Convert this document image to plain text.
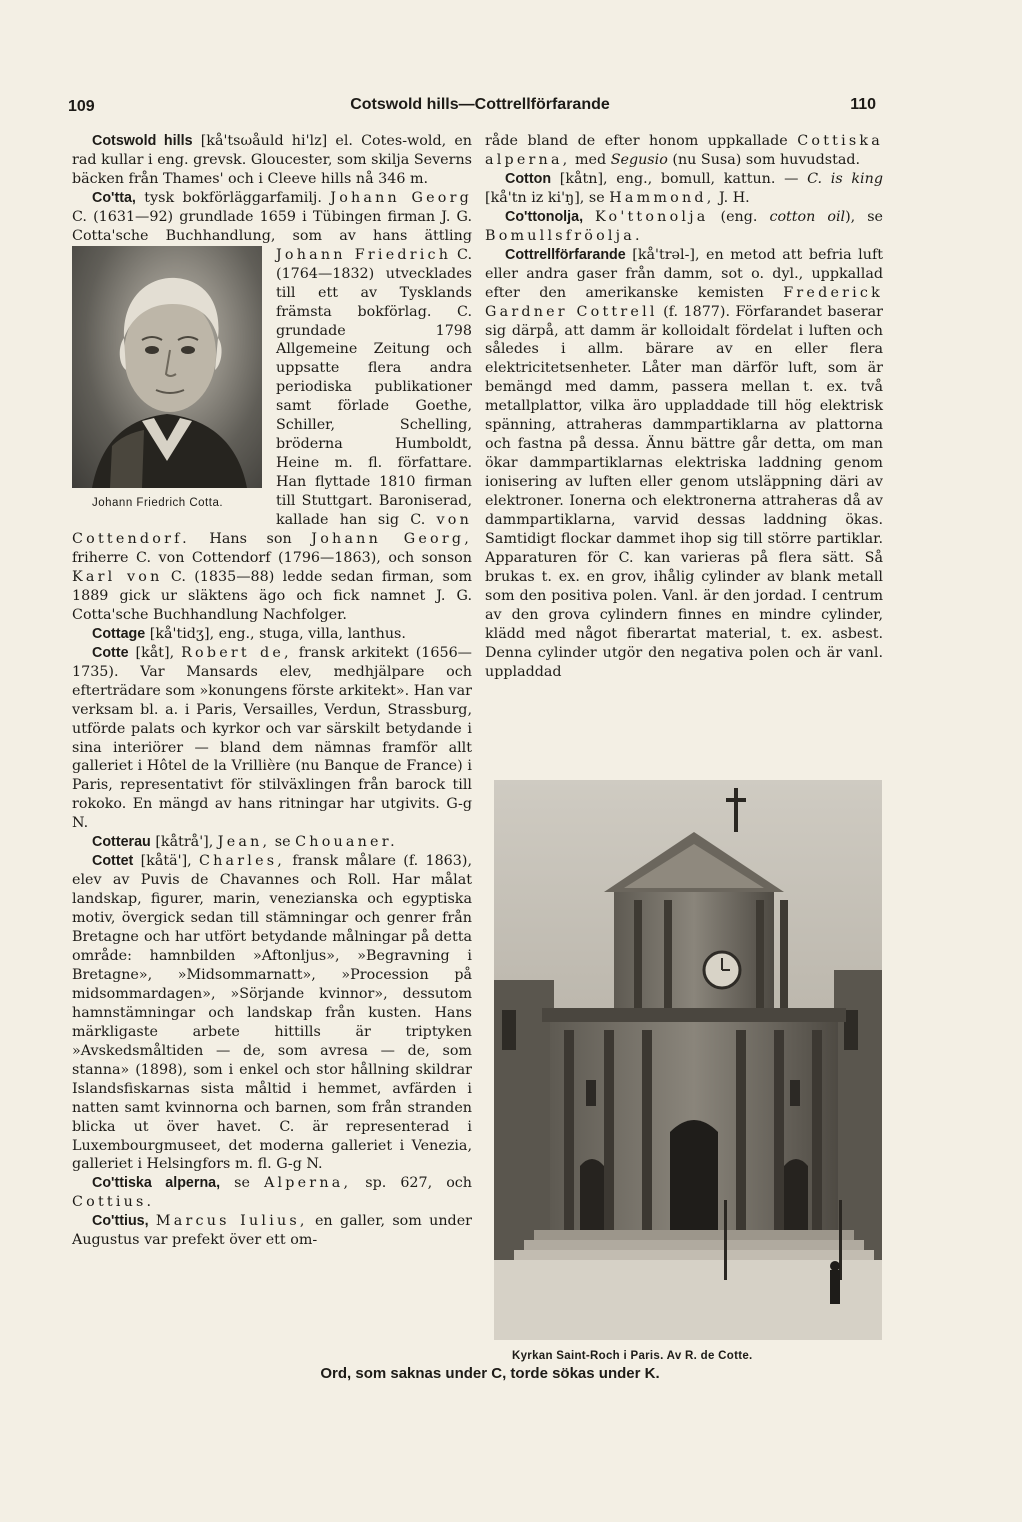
109	Cotswold hills—Cottrellförfarande	110

Cotswold hills [kå'tsωåuld hi'lz] el. Cotes-wold, en rad kullar i eng. grevsk. Gloucester, som skilja Severns bäcken från Thames' och i Cleeve hills nå 346 m.

Co'tta, tysk bokförläggarfamilj. Johann Georg C. (1631—92) grundlade 1659 i Tübingen firman J. G. Cotta'sche Buchhandlung, som av hans ättling Johann Friedrich
Johann Friedrich Cotta.
C. (1764—1832) utvecklades till ett av Tysklands främsta bokförlag. C. grundade 1798 Allgemeine Zeitung och uppsatte flera andra periodiska publikationer samt förlade Goethe, Schiller, Schelling, bröderna Humboldt, Heine m. fl. författare. Han flyttade 1810 firman till Stuttgart. Baroniserad, kallade han sig C. von Cottendorf. Hans son Johann Georg, friherre C. von Cottendorf (1796—1863), och sonson Karl von C. (1835—88) ledde sedan firman, som 1889 gick ur släktens ägo och fick namnet J. G. Cotta'sche Buchhandlung Nachfolger.

Cottage [kå'tidʒ], eng., stuga, villa, lanthus.

Cotte [kåt], Robert de, fransk arkitekt (1656—1735). Var Mansards elev, medhjälpare och efterträdare som »konungens förste arkitekt». Han var verksam bl. a. i Paris, Versailles, Verdun, Strassburg, utförde palats och kyrkor och var särskilt betydande i sina interiörer — bland dem nämnas framför allt galleriet i Hôtel de la Vrillière (nu Banque de France) i Paris, representativt för stilväxlingen från barock till rokoko. En mängd av hans ritningar har utgivits. G-g N.

Cotterau [kåtrå'], Jean, se Chouaner.

Cottet [kåtä'], Charles, fransk målare (f. 1863), elev av Puvis de Chavannes och Roll. Har målat landskap, figurer, marin, venezianska och egyptiska motiv, övergick sedan till stämningar och genrer från Bretagne och har utfört betydande målningar på detta område: hamnbilden »Aftonljus», »Begravning i Bretagne», »Midsommarnatt», »Procession på midsommardagen», »Sörjande kvinnor», dessutom hamnstämningar och landskap från kusten. Hans märkligaste arbete hittills är triptyken »Avskedsmåltiden — de, som avresa — de, som stanna» (1898), som i enkel och stor hållning skildrar Islandsfiskarnas sista måltid i hemmet, avfärden i natten samt kvinnorna och barnen, som från stranden blicka ut över havet. C. är representerad i Luxembourgmuseet, det moderna galleriet i Venezia, galleriet i Helsingfors m. fl. G-g N.

Co'ttiska alperna, se Alperna, sp. 627, och Cottius.

Co'ttius, Marcus Iulius, en galler, som under Augustus var prefekt över ett om-

råde bland de efter honom uppkallade Cottiska alperna, med Segusio (nu Susa) som huvudstad.

Cotton [kåtn], eng., bomull, kattun. — C. is king [kå'tn iz ki'ŋ], se Hammond, J. H.

Co'ttonolja, Ko'ttonolja (eng. cotton oil), se Bomullsfröolja.

Cottrellförfarande [kå'trəl-], en metod att befria luft eller andra gaser från damm, sot o. dyl., uppkallad efter den amerikanske kemisten Frederick Gardner Cottrell (f. 1877). Förfarandet baserar sig därpå, att damm är kolloidalt fördelat i luften och således i allm. bärare av en eller flera elektricitetsenheter. Låter man därför luft, som är bemängd med damm, passera mellan t. ex. två metallplattor, vilka äro uppladdade till hög elektrisk spänning, attraheras dammpartiklarna av plattorna och fastna på dessa. Ännu bättre går detta, om man ökar dammpartiklarnas elektriska laddning genom ionisering av luften eller genom utsläppning däri av elektroner. Ionerna och elektronerna attraheras då av dammpartiklarna, varvid dessas laddning ökas. Samtidigt flockar dammet ihop sig till större partiklar. Apparaturen för C. kan varieras på flera sätt. Så brukas t. ex. en grov, ihålig cylinder av blank metall som den positiva polen. Vanl. är den jordad. I centrum av den grova cylindern finnes en mindre cylinder, klädd med något fiberartat material, t. ex. asbest. Denna cylinder utgör den negativa polen och är vanl. uppladdad

Kyrkan Saint-Roch i Paris. Av R. de Cotte.
Ord, som saknas under C, torde sökas under K.
